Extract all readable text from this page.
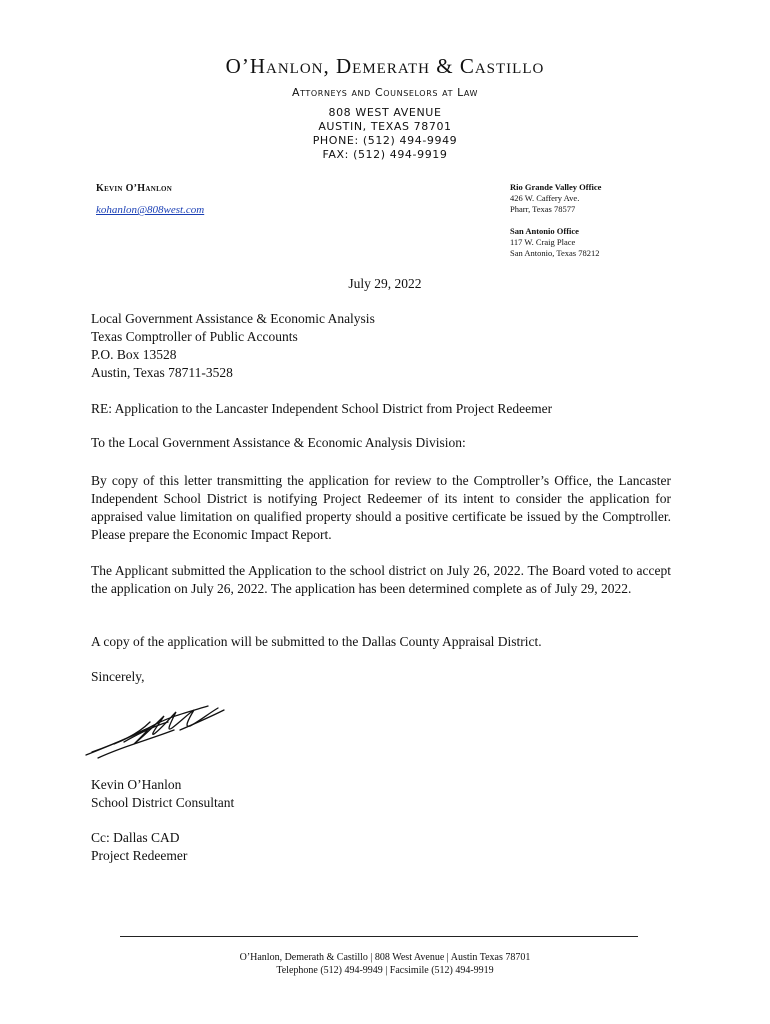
O’Hanlon, Demerath & Castillo
Attorneys and Counselors at Law
808 WEST AVENUE
AUSTIN, TEXAS 78701
PHONE: (512) 494-9949
FAX: (512) 494-9919
Kevin O’Hanlon
kohanlon@808west.com
Rio Grande Valley Office
426 W. Caffery Ave.
Pharr, Texas 78577
San Antonio Office
117 W. Craig Place
San Antonio, Texas 78212
July 29, 2022
Local Government Assistance & Economic Analysis
Texas Comptroller of Public Accounts
P.O. Box 13528
Austin, Texas 78711-3528
RE: Application to the Lancaster Independent School District from Project Redeemer
To the Local Government Assistance & Economic Analysis Division:
By copy of this letter transmitting the application for review to the Comptroller’s Office, the Lancaster Independent School District is notifying Project Redeemer of its intent to consider the application for appraised value limitation on qualified property should a positive certificate be issued by the Comptroller. Please prepare the Economic Impact Report.
The Applicant submitted the Application to the school district on July 26, 2022. The Board voted to accept the application on July 26, 2022. The application has been determined complete as of July 29, 2022.
A copy of the application will be submitted to the Dallas County Appraisal District.
Sincerely,
Kevin O’Hanlon
School District Consultant
Cc: Dallas CAD
Project Redeemer
O’Hanlon, Demerath & Castillo | 808 West Avenue | Austin Texas 78701
Telephone (512) 494-9949 | Facsimile (512) 494-9919
